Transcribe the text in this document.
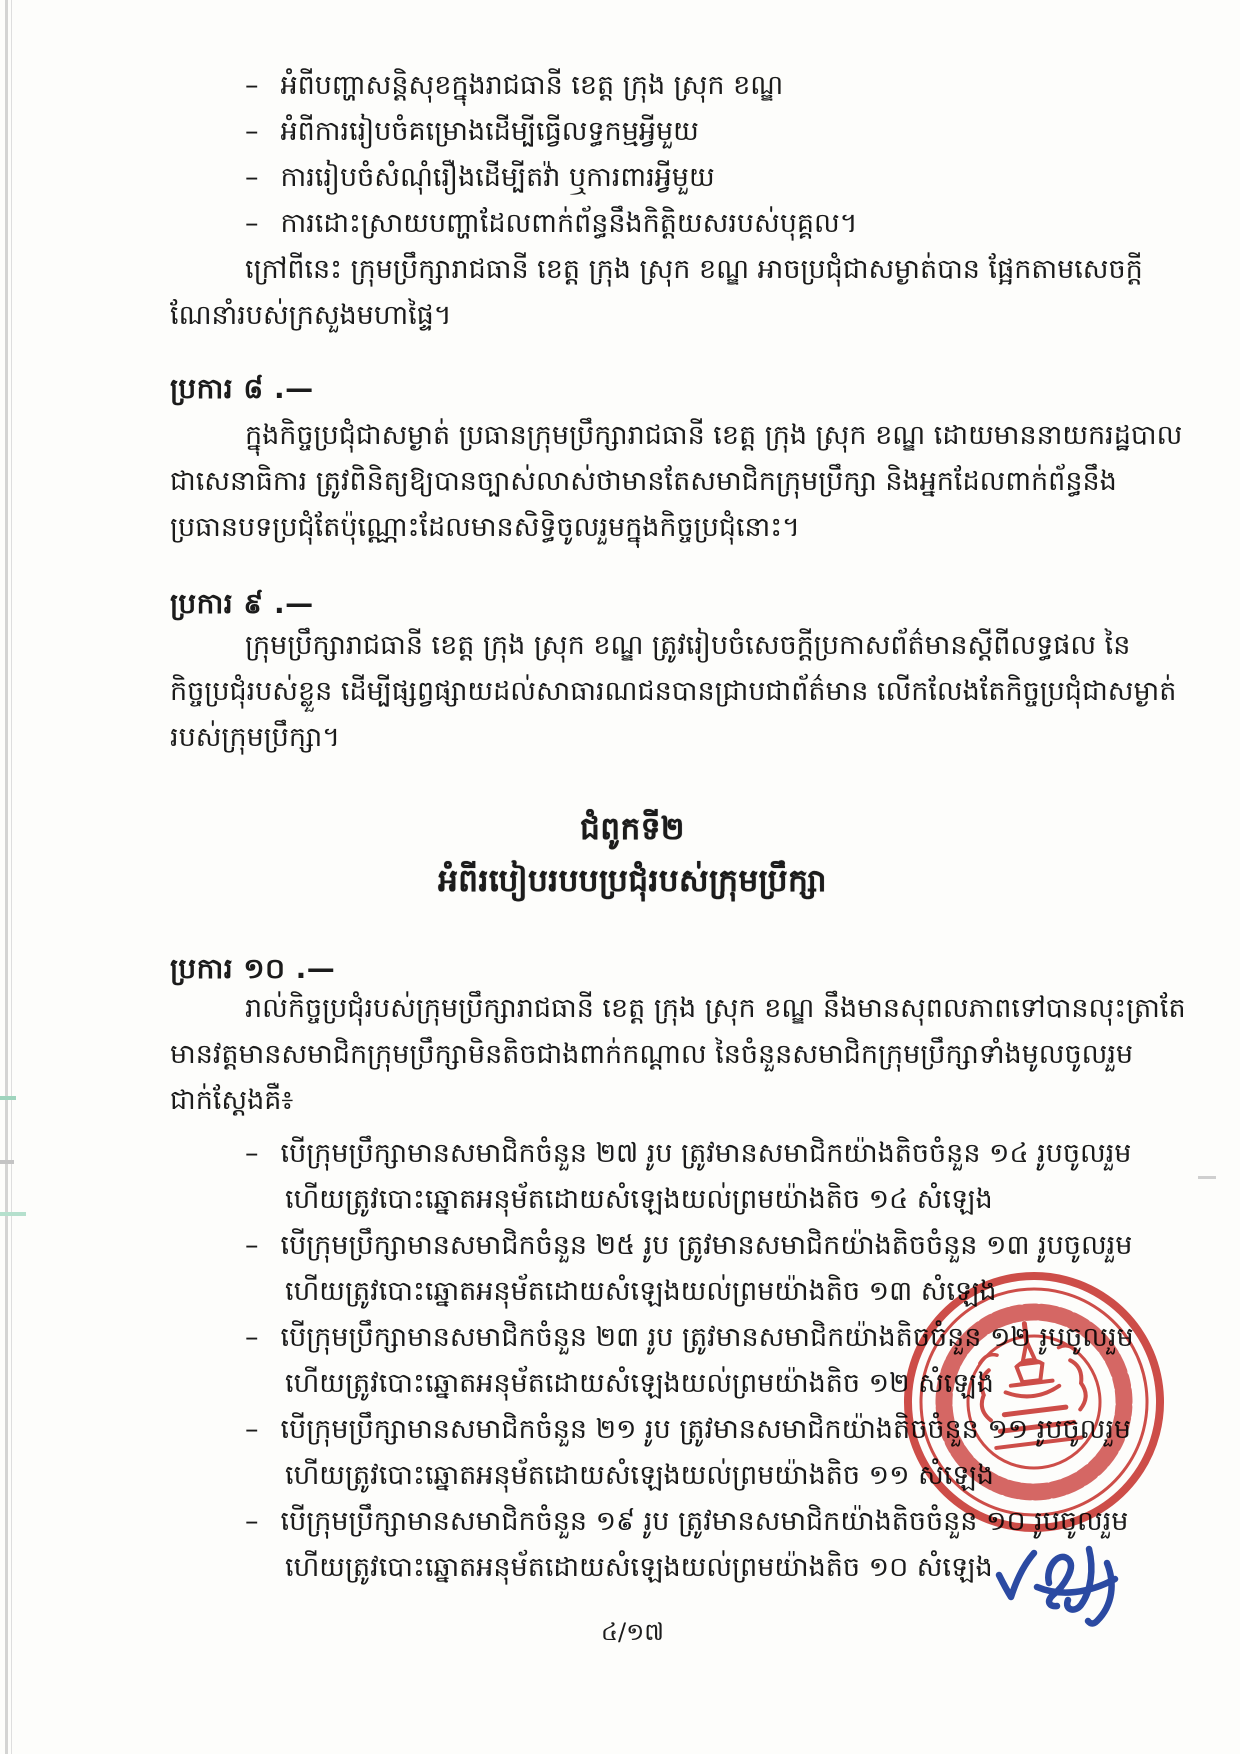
– អំពីបញ្ហាសន្តិសុខក្នុងរាជធានី ខេត្ត ក្រុង ស្រុក ខណ្ឌ
– អំពីការរៀបចំគម្រោងដើម្បីធ្វើលទ្ធកម្មអ្វីមួយ
– ការរៀបចំសំណុំរឿងដើម្បីតវ៉ា ឬការពារអ្វីមួយ
– ការដោះស្រាយបញ្ហាដែលពាក់ព័ន្ធនឹងកិត្តិយសរបស់បុគ្គល។
ក្រៅពីនេះ ក្រុមប្រឹក្សារាជធានី ខេត្ត ក្រុង ស្រុក ខណ្ឌ អាចប្រជុំជាសម្ងាត់បាន ផ្អែកតាមសេចក្តី
ណែនាំរបស់ក្រសួងមហាផ្ទៃ។
ប្រការ ៨ .—
ក្នុងកិច្ចប្រជុំជាសម្ងាត់ ប្រធានក្រុមប្រឹក្សារាជធានី ខេត្ត ក្រុង ស្រុក ខណ្ឌ ដោយមាននាយករដ្ឋបាល
ជាសេនាធិការ ត្រូវពិនិត្យឱ្យបានច្បាស់លាស់ថាមានតែសមាជិកក្រុមប្រឹក្សា និងអ្នកដែលពាក់ព័ន្ធនឹង
ប្រធានបទប្រជុំតែប៉ុណ្ណោះដែលមានសិទ្ធិចូលរួមក្នុងកិច្ចប្រជុំនោះ។
ប្រការ ៩ .—
ក្រុមប្រឹក្សារាជធានី ខេត្ត ក្រុង ស្រុក ខណ្ឌ ត្រូវរៀបចំសេចក្តីប្រកាសព័ត៌មានស្តីពីលទ្ធផល នៃ
កិច្ចប្រជុំរបស់ខ្លួន ដើម្បីផ្សព្វផ្សាយដល់សាធារណជនបានជ្រាបជាព័ត៌មាន លើកលែងតែកិច្ចប្រជុំជាសម្ងាត់
របស់ក្រុមប្រឹក្សា។
ជំពូកទី២
អំពីរបៀបរបបប្រជុំរបស់ក្រុមប្រឹក្សា
ប្រការ ១០ .—
រាល់កិច្ចប្រជុំរបស់ក្រុមប្រឹក្សារាជធានី ខេត្ត ក្រុង ស្រុក ខណ្ឌ នឹងមានសុពលភាពទៅបានលុះត្រាតែ
មានវត្តមានសមាជិកក្រុមប្រឹក្សាមិនតិចជាងពាក់កណ្តាល នៃចំនួនសមាជិកក្រុមប្រឹក្សាទាំងមូលចូលរួម
ជាក់ស្តែងគឺ៖
– បើក្រុមប្រឹក្សាមានសមាជិកចំនួន ២៧ រូប ត្រូវមានសមាជិកយ៉ាងតិចចំនួន ១៤ រូបចូលរួម
ហើយត្រូវបោះឆ្នោតអនុម័តដោយសំឡេងយល់ព្រមយ៉ាងតិច ១៤ សំឡេង
– បើក្រុមប្រឹក្សាមានសមាជិកចំនួន ២៥ រូប ត្រូវមានសមាជិកយ៉ាងតិចចំនួន ១៣ រូបចូលរួម
ហើយត្រូវបោះឆ្នោតអនុម័តដោយសំឡេងយល់ព្រមយ៉ាងតិច ១៣ សំឡេង
– បើក្រុមប្រឹក្សាមានសមាជិកចំនួន ២៣ រូប ត្រូវមានសមាជិកយ៉ាងតិចចំនួន ១២ រូបចូលរួម
ហើយត្រូវបោះឆ្នោតអនុម័តដោយសំឡេងយល់ព្រមយ៉ាងតិច ១២ សំឡេង
– បើក្រុមប្រឹក្សាមានសមាជិកចំនួន ២១ រូប ត្រូវមានសមាជិកយ៉ាងតិចចំនួន ១១ រូបចូលរួម
ហើយត្រូវបោះឆ្នោតអនុម័តដោយសំឡេងយល់ព្រមយ៉ាងតិច ១១ សំឡេង
– បើក្រុមប្រឹក្សាមានសមាជិកចំនួន ១៩ រូប ត្រូវមានសមាជិកយ៉ាងតិចចំនួន ១០ រូបចូលរួម
ហើយត្រូវបោះឆ្នោតអនុម័តដោយសំឡេងយល់ព្រមយ៉ាងតិច ១០ សំឡេង
៤/១៧
